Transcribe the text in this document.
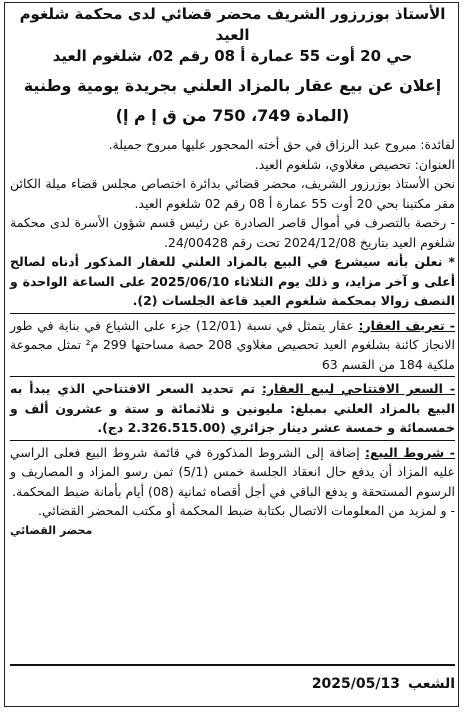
الأستاذ بوزرزور الشريف محضر قضائي لدى محكمة شلغوم العيد
حي 20 أوت 55 عمارة أ 08 رقم 02، شلغوم العيد
إعلان عن بيع عقار بالمزاد العلني بجريدة يومية وطنية
(المادة 749، 750 من ق إ م إ)

لفائدة: مبروح عبد الرزاق في حق أخته المحجور عليها مبروح جميلة.

العنوان: تحصيص مغلاوي، شلغوم العيد.

نحن الأستاذ بوزرزور الشريف، محضر قضائي بدائرة اختصاص مجلس قضاء ميلة الكائن مقر مكتبنا بحي 20 أوت 55 عمارة أ 08 رقم 02 شلغوم العيد.

- رخصة بالتصرف في أموال قاصر الصادرة عن رئيس قسم شؤون الأسرة لدى محكمة شلغوم العيد بتاريخ 2024/12/08 تحت رقم 24/00428.

* نعلن بأنه سيشرع في البيع بالمزاد العلني للعقار المذكور أدناه لصالح أعلى و آخر مزايد، و ذلك يوم الثلاثاء 2025/06/10 على الساعة الواحدة و النصف زوالا بمحكمة شلغوم العيد قاعة الجلسات (2).

- تعريف العقار: عقار يتمثل في نسبة (12/01) جزء على الشياع في بناية في طور الانجاز كائنة بشلغوم العيد تحصيص مغلاوي 208 حصة مساحتها 299 م² تمثل مجموعة ملكية 184 من القسم 63

- السعر الافتتاحي لبيع العقار: تم تحديد السعر الافتتاحي الذي يبدأ به البيع بالمزاد العلني بمبلغ: مليونين و ثلاثمائة و ستة و عشرون ألف و خمسمائة و خمسة عشر دينار جزائري (2.326.515.00 دج).

- شروط البيع: إضافة إلى الشروط المذكورة في قائمة شروط البيع فعلى الراسي عليه المزاد أن يدفع حال انعقاد الجلسة خمس (5/1) ثمن رسو المزاد و المصاريف و الرسوم المستحقة و يدفع الباقي في أجل أقصاه ثمانية (08) أيام بأمانة ضبط المحكمة.

- و لمزيد من المعلومات الاتصال بكتابة ضبط المحكمة أو مكتب المحضر القضائي.
محضر القضائي

الشعب
2025/05/13
